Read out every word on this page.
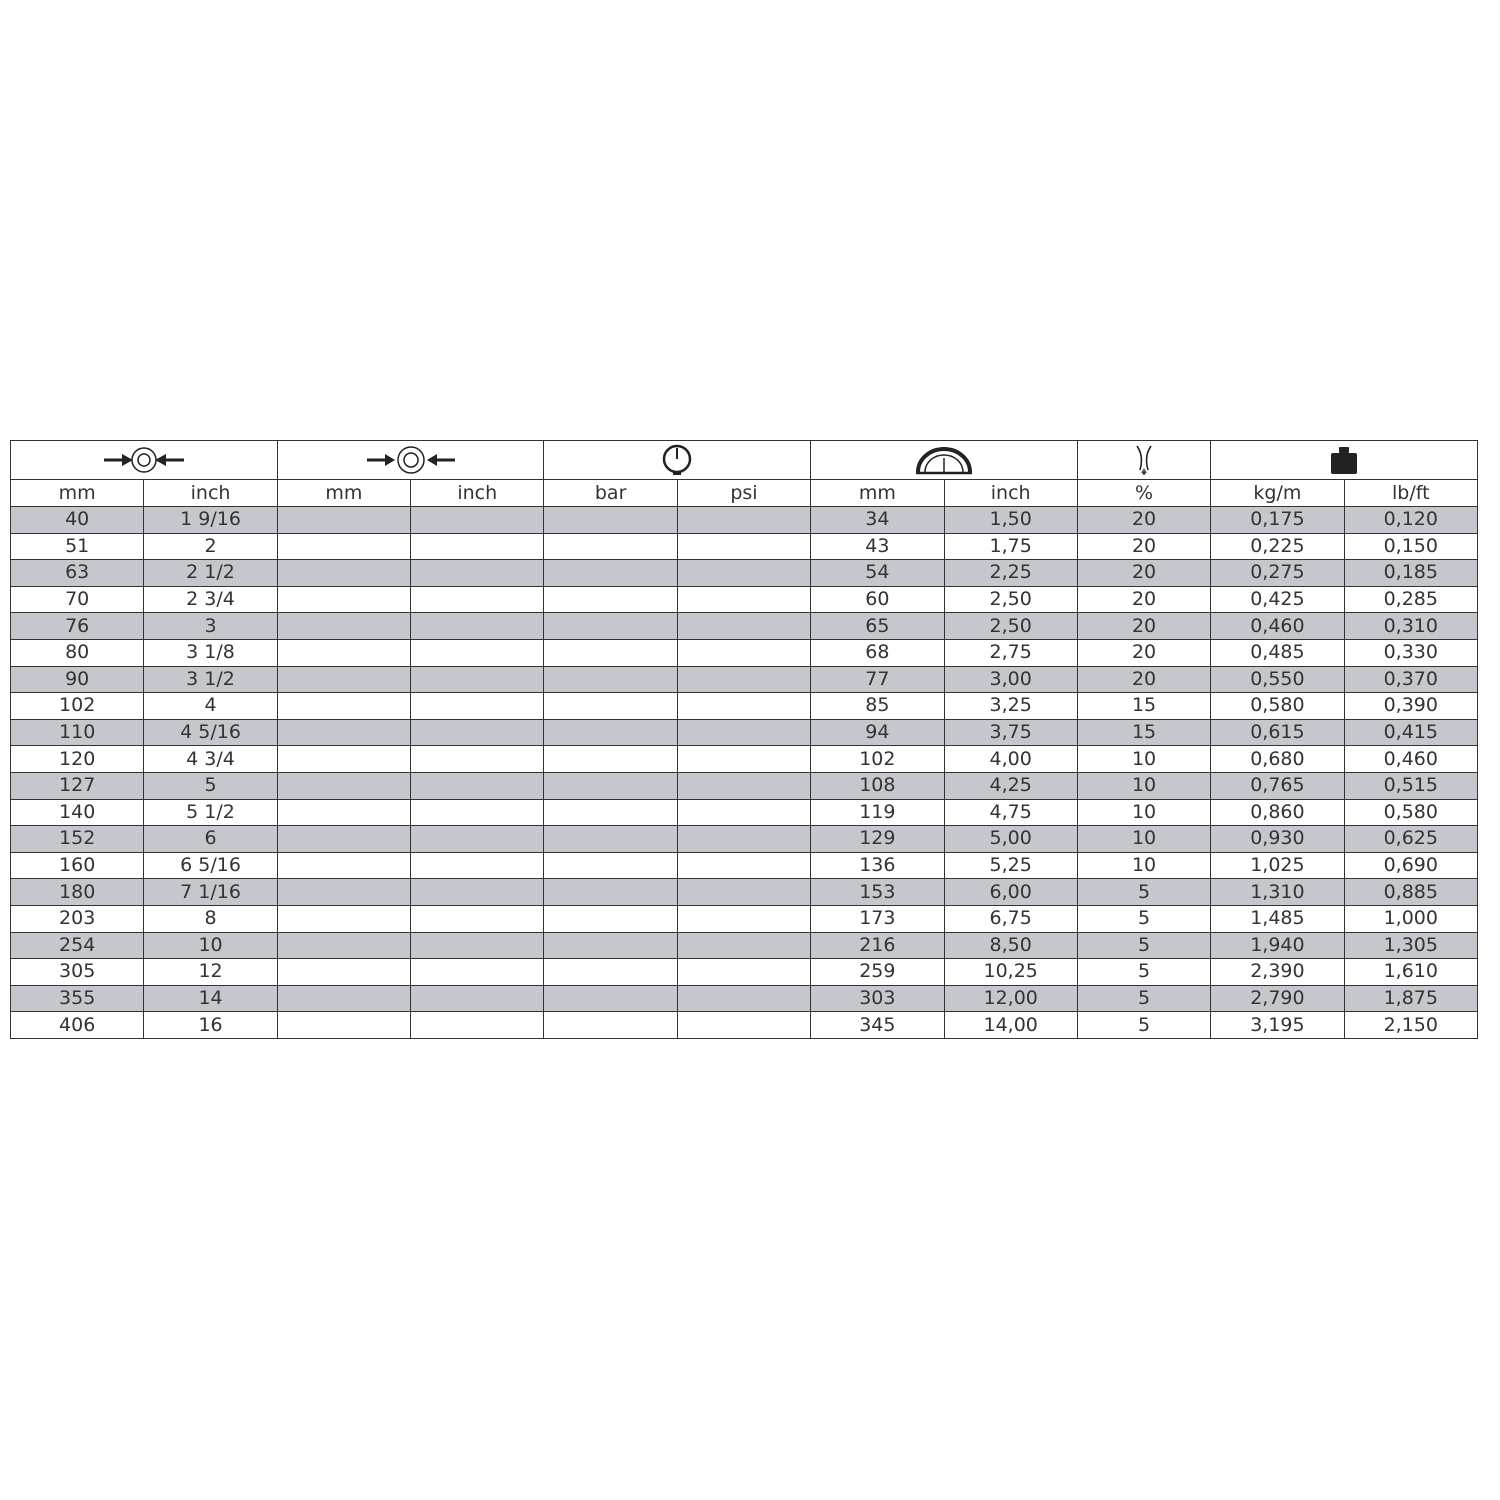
mm	inch	mm	inch	bar	psi	mm	inch	%	kg/m	lb/ft
40	1 9/16					34	1,50	20	0,175	0,120
51	2					43	1,75	20	0,225	0,150
63	2 1/2					54	2,25	20	0,275	0,185
70	2 3/4					60	2,50	20	0,425	0,285
76	3					65	2,50	20	0,460	0,310
80	3 1/8					68	2,75	20	0,485	0,330
90	3 1/2					77	3,00	20	0,550	0,370
102	4					85	3,25	15	0,580	0,390
110	4 5/16					94	3,75	15	0,615	0,415
120	4 3/4					102	4,00	10	0,680	0,460
127	5					108	4,25	10	0,765	0,515
140	5 1/2					119	4,75	10	0,860	0,580
152	6					129	5,00	10	0,930	0,625
160	6 5/16					136	5,25	10	1,025	0,690
180	7 1/16					153	6,00	5	1,310	0,885
203	8					173	6,75	5	1,485	1,000
254	10					216	8,50	5	1,940	1,305
305	12					259	10,25	5	2,390	1,610
355	14					303	12,00	5	2,790	1,875
406	16					345	14,00	5	3,195	2,150
